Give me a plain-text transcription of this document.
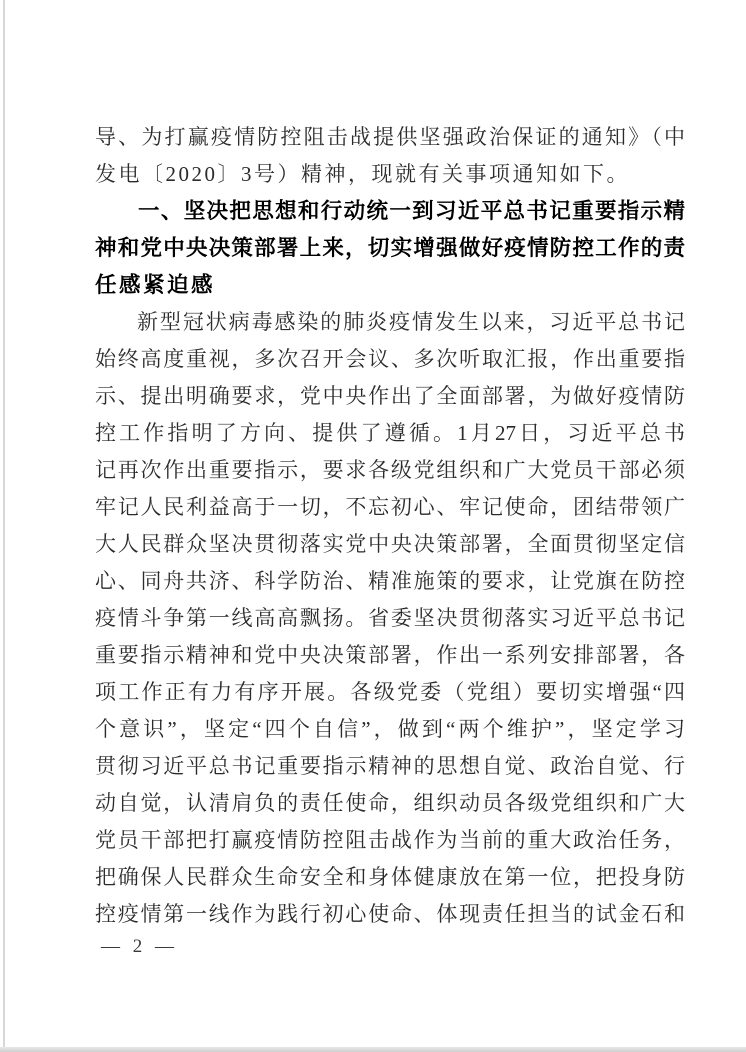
导、为打赢疫情防控阻击战提供坚强政治保证的通知》（中
发电〔2020〕3号）精神，现就有关事项通知如下。
一、坚决把思想和行动统一到习近平总书记重要指示精
神和党中央决策部署上来，切实增强做好疫情防控工作的责
任感紧迫感
新型冠状病毒感染的肺炎疫情发生以来，习近平总书记
始终高度重视，多次召开会议、多次听取汇报，作出重要指
示、提出明确要求，党中央作出了全面部署，为做好疫情防
控工作指明了方向、提供了遵循。1月27日，习近平总书
记再次作出重要指示，要求各级党组织和广大党员干部必须
牢记人民利益高于一切，不忘初心、牢记使命，团结带领广
大人民群众坚决贯彻落实党中央决策部署，全面贯彻坚定信
心、同舟共济、科学防治、精准施策的要求，让党旗在防控
疫情斗争第一线高高飘扬。省委坚决贯彻落实习近平总书记
重要指示精神和党中央决策部署，作出一系列安排部署，各
项工作正有力有序开展。各级党委（党组）要切实增强“四
个意识”，坚定“四个自信”，做到“两个维护”，坚定学习
贯彻习近平总书记重要指示精神的思想自觉、政治自觉、行
动自觉，认清肩负的责任使命，组织动员各级党组织和广大
党员干部把打赢疫情防控阻击战作为当前的重大政治任务，
把确保人民群众生命安全和身体健康放在第一位，把投身防
控疫情第一线作为践行初心使命、体现责任担当的试金石和
— 2 —
